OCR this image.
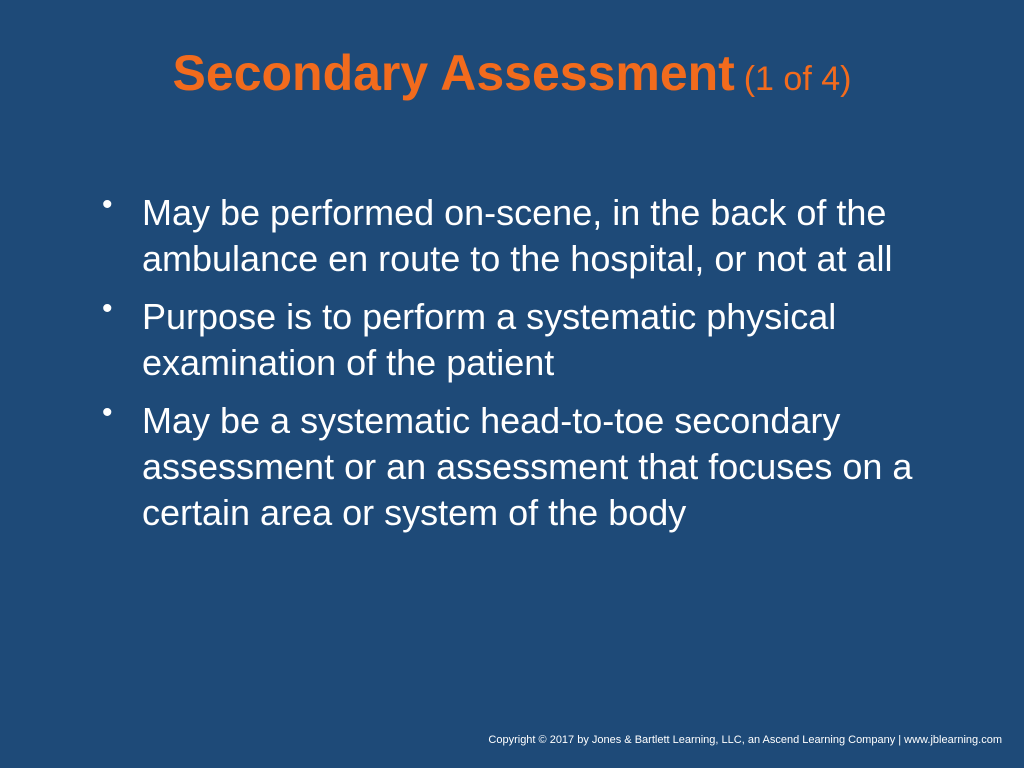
Secondary Assessment (1 of 4)
• May be performed on-scene, in the back of the ambulance en route to the hospital, or not at all
• Purpose is to perform a systematic physical examination of the patient
• May be a systematic head-to-toe secondary assessment or an assessment that focuses on a certain area or system of the body
Copyright © 2017 by Jones & Bartlett Learning, LLC, an Ascend Learning Company | www.jblearning.com
